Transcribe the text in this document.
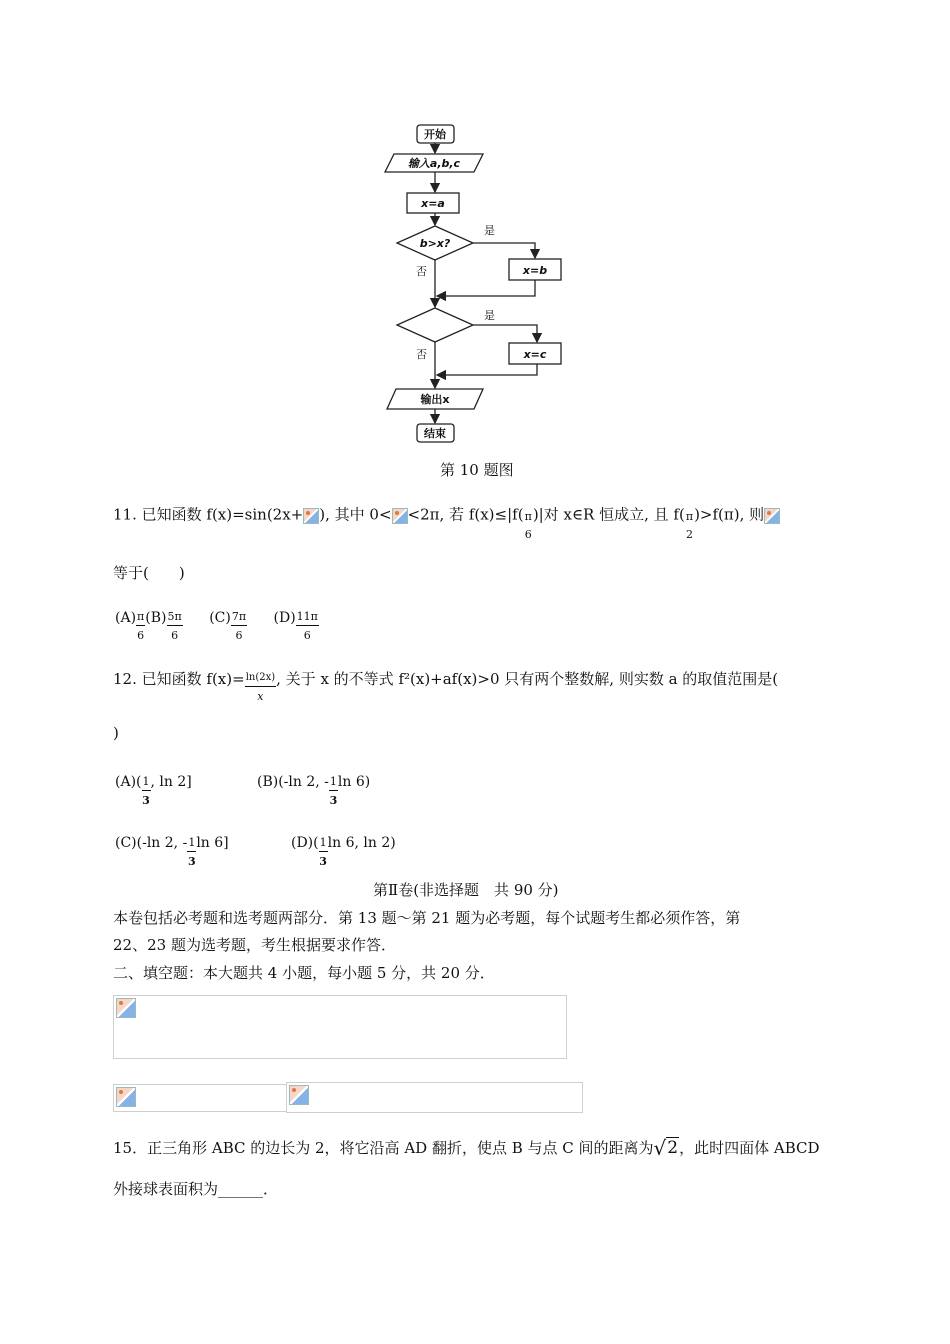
开始
输入a,b,c
x=a
b>x?
x=b
x=c
输出x
结束
是
否
是
否
第 10 题图
11. 已知函数 f(x)=sin(2x+ ), 其中 0< <2π, 若 f(x)≤|f( π
6
)|对 x∈R 恒成立, 且 f( π
2
)>f(π), 则
等于(　　)
$(A) \frac{\pi}{6} (B) \frac{5\pi}{6} (C) \frac{7\pi}{6} (D) \frac{11\pi}{6}$
12. 已知函数 $f(x)= \frac{\ln(2x)}{x}$ , 关于 x 的不等式 f²(x)+af(x)>0 只有两个整数解, 则实数 a 的取值范围是(
)
$(A)( \frac{1}{3}$ , ln 2]	(B)(-ln 2, - $\frac{1}{3}$ ln 6)
(C)(-ln 2, - $\frac{1}{3}$ ln 6]	$(D)( \frac{1}{3}$ ln 6, ln 2)
第Ⅱ卷(非选择题　共 90 分)
本卷包括必考题和选考题两部分．第 13 题～第 21 题为必考题，每个试题考生都必须作答，第
22、23 题为选考题，考生根据要求作答．
二、填空题：本大题共 4 小题，每小题 5 分，共 20 分．
15．正三角形 ABC 的边长为 2，将它沿高 AD 翻折，使点 B 与点 C 间的距离为√2，此时四面体 ABCD
外接球表面积为______．
